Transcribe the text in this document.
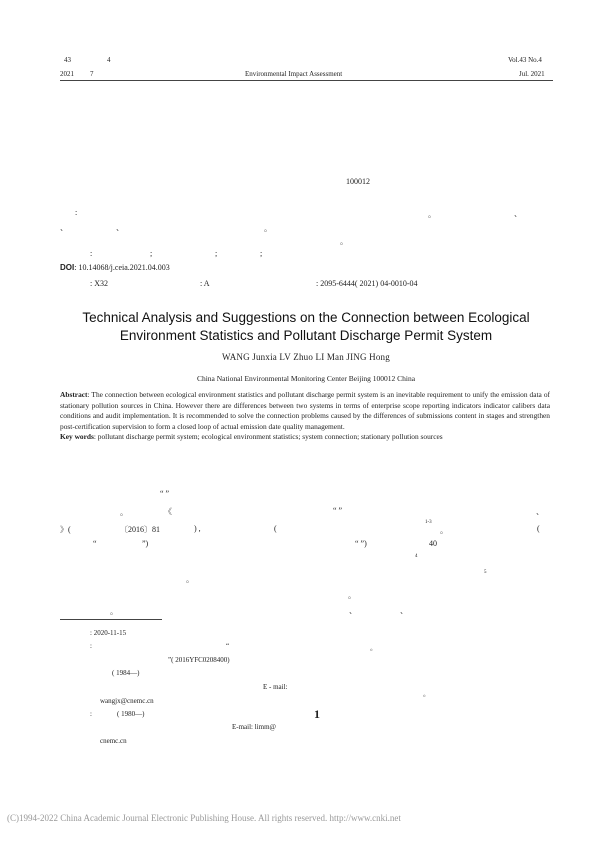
43	4
2021 7	Environmental Impact Assessment
Vol.43 No.4
Jul. 2021
100012
:	。	、
、	、	。
。
:	;	;	;
DOI: 10.14068/j.ceia.2021.04.003
: X32	: A	: 2095-6444( 2021) 04-0010-04
Technical Analysis and Suggestions on the Connection between Ecological
Environment Statistics and Pollutant Discharge Permit System
WANG Junxia LV Zhuo LI Man JING Hong
China National Environmental Monitoring Center Beijing 100012 China
Abstract: The connection between ecological environment statistics and pollutant discharge permit system is an inevitable requirement to unify the emission data of stationary pollution sources in China. However there are differences between two systems in terms of enterprise scope reporting indicators indicator calibers data conditions and audit implementation. It is recommended to solve the connection problems caused by the differences of submissions content in stages and strengthen post-certification supervision to form a closed loop of actual emission date quality management.
Key words: pollutant discharge permit system; ecological environment statistics; system connection; stationary pollution sources
“ ”
。	《	“ ”	、
》(	〔2016〕81	) ,	(
1-3
。	(
“	”)	“ ”)	40
4
5
。
。
。	、	、
: 2020-11-15
:	“	。
”( 2016YFC0208400)
( 1984—)
E - mail:
。
wangjx@cnemc.cn
:	( 1980—)	1
E-mail: limm@
cnemc.cn
(C)1994-2022 China Academic Journal Electronic Publishing House. All rights reserved. http://www.cnki.net
